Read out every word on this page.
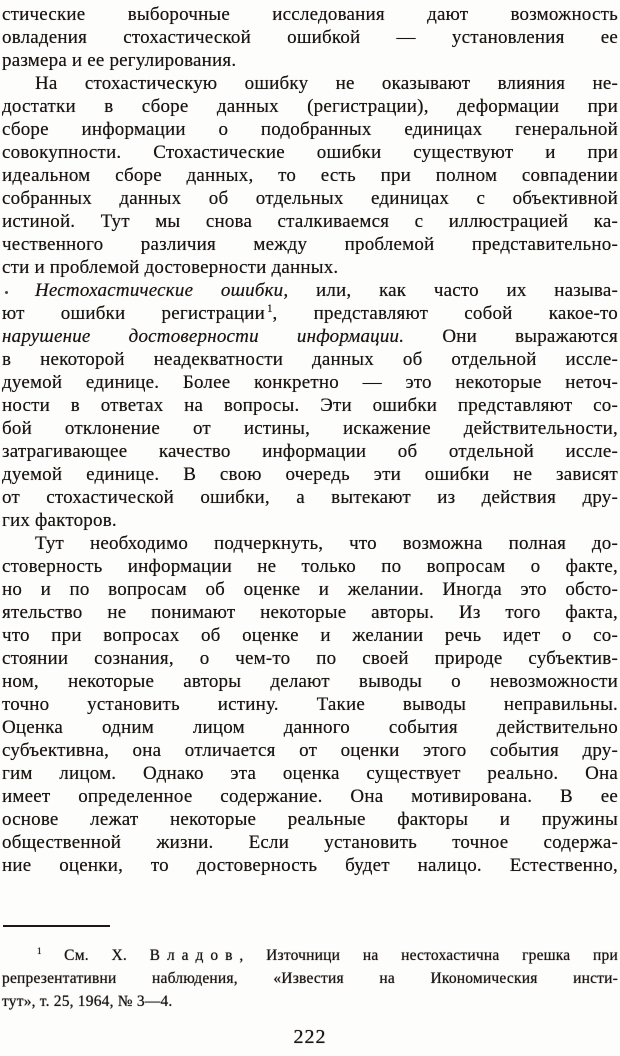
стические выборочные исследования дают возможность
овладения стохастической ошибкой — установления ее
размера и ее регулирования.
На стохастическую ошибку не оказывают влияния не-
достатки в сборе данных (регистрации), деформации при
сборе информации о подобранных единицах генеральной
совокупности. Стохастические ошибки существуют и при
идеальном сборе данных, то есть при полном совпадении
собранных данных об отдельных единицах с объективной
истиной. Тут мы снова сталкиваемся с иллюстрацией ка-
чественного различия между проблемой представительно-
сти и проблемой достоверности данных.
Нестохастические ошибки, или, как часто их называ-
ют ошибки регистрации $^1$, представляют собой какое-то
нарушение достоверности информации. Они выражаются
в некоторой неадекватности данных об отдельной иссле-
дуемой единице. Более конкретно — это некоторые неточ-
ности в ответах на вопросы. Эти ошибки представляют со-
бой отклонение от истины, искажение действительности,
затрагивающее качество информации об отдельной иссле-
дуемой единице. В свою очередь эти ошибки не зависят
от стохастической ошибки, а вытекают из действия дру-
гих факторов.
Тут необходимо подчеркнуть, что возможна полная до-
стоверность информации не только по вопросам о факте,
но и по вопросам об оценке и желании. Иногда это обсто-
ятельство не понимают некоторые авторы. Из того факта,
что при вопросах об оценке и желании речь идет о со-
стоянии сознания, о чем-то по своей природе субъектив-
ном, некоторые авторы делают выводы о невозможности
точно установить истину. Такие выводы неправильны.
Оценка одним лицом данного события действительно
субъективна, она отличается от оценки этого события дру-
гим лицом. Однако эта оценка существует реально. Она
имеет определенное содержание. Она мотивирована. В ее
основе лежат некоторые реальные факторы и пружины
общественной жизни. Если установить точное содержа-
ние оценки, то достоверность будет налицо. Естественно,
$^1$ См. Х. Владов, Източници на нестохастична грешка при
репрезентативни наблюдения, «Известия на Икономическия инсти-
тут», т. 25, 1964, № 3—4.
222
